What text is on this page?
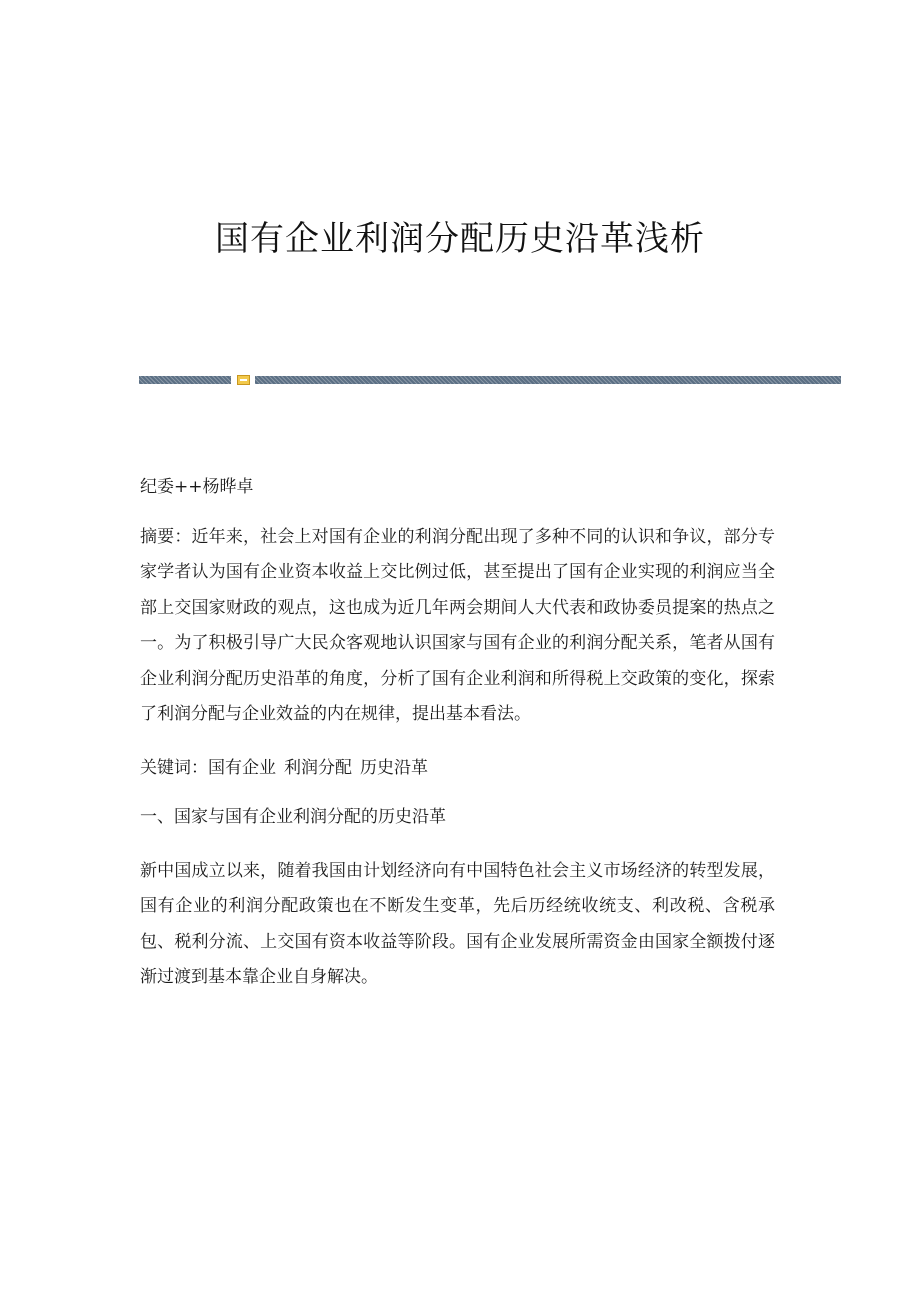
国有企业利润分配历史沿革浅析

纪委++杨晔卓

摘要：近年来，社会上对国有企业的利润分配出现了多种不同的认识和争议，部分专家学者认为国有企业资本收益上交比例过低，甚至提出了国有企业实现的利润应当全部上交国家财政的观点，这也成为近几年两会期间人大代表和政协委员提案的热点之一。为了积极引导广大民众客观地认识国家与国有企业的利润分配关系，笔者从国有企业利润分配历史沿革的角度，分析了国有企业利润和所得税上交政策的变化，探索了利润分配与企业效益的内在规律，提出基本看法。

关键词：国有企业 利润分配 历史沿革

一、国家与国有企业利润分配的历史沿革

新中国成立以来，随着我国由计划经济向有中国特色社会主义市场经济的转型发展，国有企业的利润分配政策也在不断发生变革，先后历经统收统支、利改税、含税承包、税利分流、上交国有资本收益等阶段。国有企业发展所需资金由国家全额拨付逐渐过渡到基本靠企业自身解决。
